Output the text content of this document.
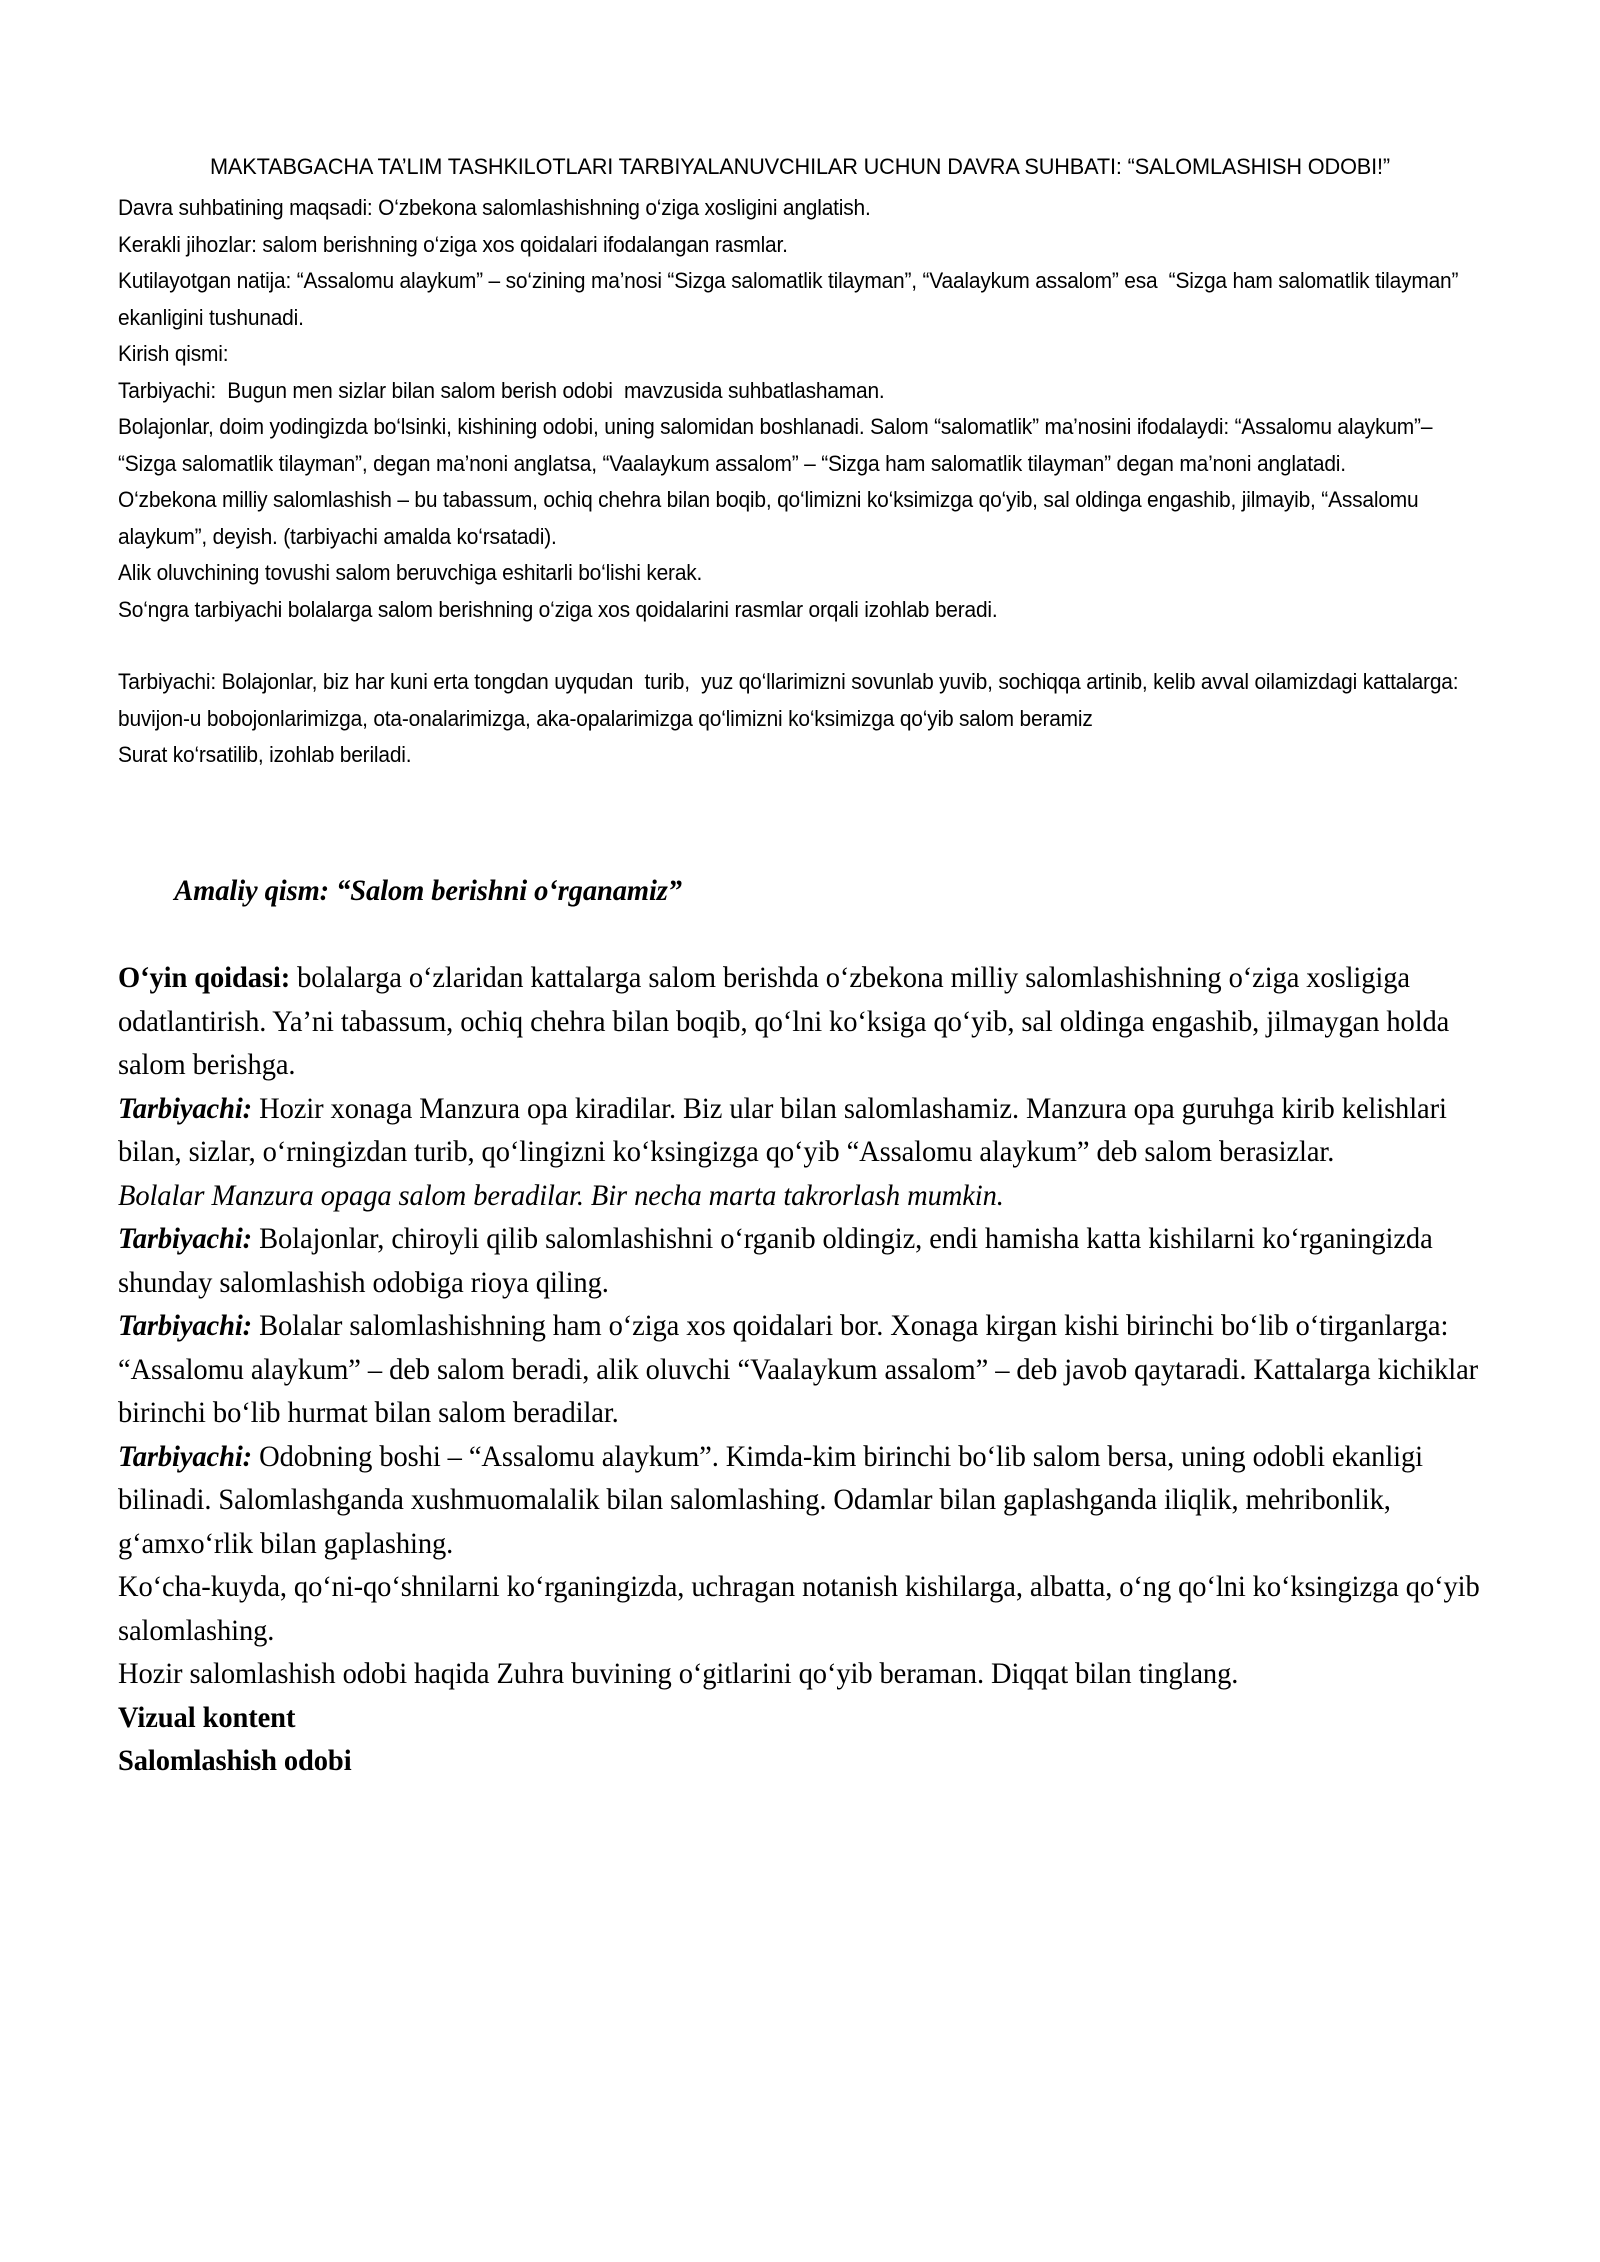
MAKTABGACHA TA’LIM TASHKILOTLARI TARBIYALANUVCHILAR UCHUN DAVRA SUHBATI: “SALOMLASHISH ODOBI!”

Davra suhbatining maqsadi: O‘zbekona salomlashishning o‘ziga xosligini anglatish.

Kerakli jihozlar: salom berishning o‘ziga xos qoidalari ifodalangan rasmlar.

Kutilayotgan natija: “Assalomu alaykum” – so‘zining ma’nosi “Sizga salomatlik tilayman”, “Vaalaykum assalom” esa  “Sizga ham salomatlik tilayman” ekanligini tushunadi.

Kirish qismi:

Tarbiyachi:  Bugun men sizlar bilan salom berish odobi  mavzusida suhbatlashaman.

Bolajonlar, doim yodingizda bo‘lsinki, kishining odobi, uning salomidan boshlanadi. Salom “salomatlik” ma’nosini ifodalaydi: “Assalomu alaykum”– “Sizga salomatlik tilayman”, degan ma’noni anglatsa, “Vaalaykum assalom” – “Sizga ham salomatlik tilayman” degan ma’noni anglatadi.

O‘zbekona milliy salomlashish – bu tabassum, ochiq chehra bilan boqib, qo‘limizni ko‘ksimizga qo‘yib, sal oldinga engashib, jilmayib, “Assalomu alaykum”, deyish. (tarbiyachi amalda ko‘rsatadi).

Alik oluvchining tovushi salom beruvchiga eshitarli bo‘lishi kerak.

So‘ngra tarbiyachi bolalarga salom berishning o‘ziga xos qoidalarini rasmlar orqali izohlab beradi.

Tarbiyachi: Bolajonlar, biz har kuni erta tongdan uyqudan  turib,  yuz qo‘llarimizni sovunlab yuvib, sochiqqa artinib, kelib avval oilamizdagi kattalarga: buvijon-u bobojonlarimizga, ota-onalarimizga, aka-opalarimizga qo‘limizni ko‘ksimizga qo‘yib salom beramiz

Surat ko‘rsatilib, izohlab beriladi.

Amaliy qism: “Salom berishni o‘rganamiz”

O‘yin qoidasi: bolalarga o‘zlaridan kattalarga salom berishda o‘zbekona milliy salomlashishning o‘ziga xosligiga odatlantirish. Ya’ni tabassum, ochiq chehra bilan boqib, qo‘lni ko‘ksiga qo‘yib, sal oldinga engashib, jilmaygan holda salom berishga.

Tarbiyachi: Hozir xonaga Manzura opa kiradilar. Biz ular bilan salomlashamiz. Manzura opa guruhga kirib kelishlari bilan, sizlar, o‘rningizdan turib, qo‘lingizni ko‘ksingizga qo‘yib “Assalomu alaykum” deb salom berasizlar.

Bolalar Manzura opaga salom beradilar. Bir necha marta takrorlash mumkin.

Tarbiyachi: Bolajonlar, chiroyli qilib salomlashishni o‘rganib oldingiz, endi hamisha katta kishilarni ko‘rganingizda shunday salomlashish odobiga rioya qiling.

Tarbiyachi: Bolalar salomlashishning ham o‘ziga xos qoidalari bor. Xonaga kirgan kishi birinchi bo‘lib o‘tirganlarga: “Assalomu alaykum” – deb salom beradi, alik oluvchi “Vaalaykum assalom” – deb javob qaytaradi. Kattalarga kichiklar birinchi bo‘lib hurmat bilan salom beradilar.

Tarbiyachi: Odobning boshi – “Assalomu alaykum”. Kimda-kim birinchi bo‘lib salom bersa, uning odobli ekanligi bilinadi. Salomlashganda xushmuomalalik bilan salomlashing. Odamlar bilan gaplashganda iliqlik, mehribonlik, g‘amxo‘rlik bilan gaplashing.

Ko‘cha-kuyda, qo‘ni-qo‘shnilarni ko‘rganingizda, uchragan notanish kishilarga, albatta, o‘ng qo‘lni ko‘ksingizga qo‘yib salomlashing.

Hozir salomlashish odobi haqida Zuhra buvining o‘gitlarini qo‘yib beraman. Diqqat bilan tinglang.

Vizual kontent

Salomlashish odobi
